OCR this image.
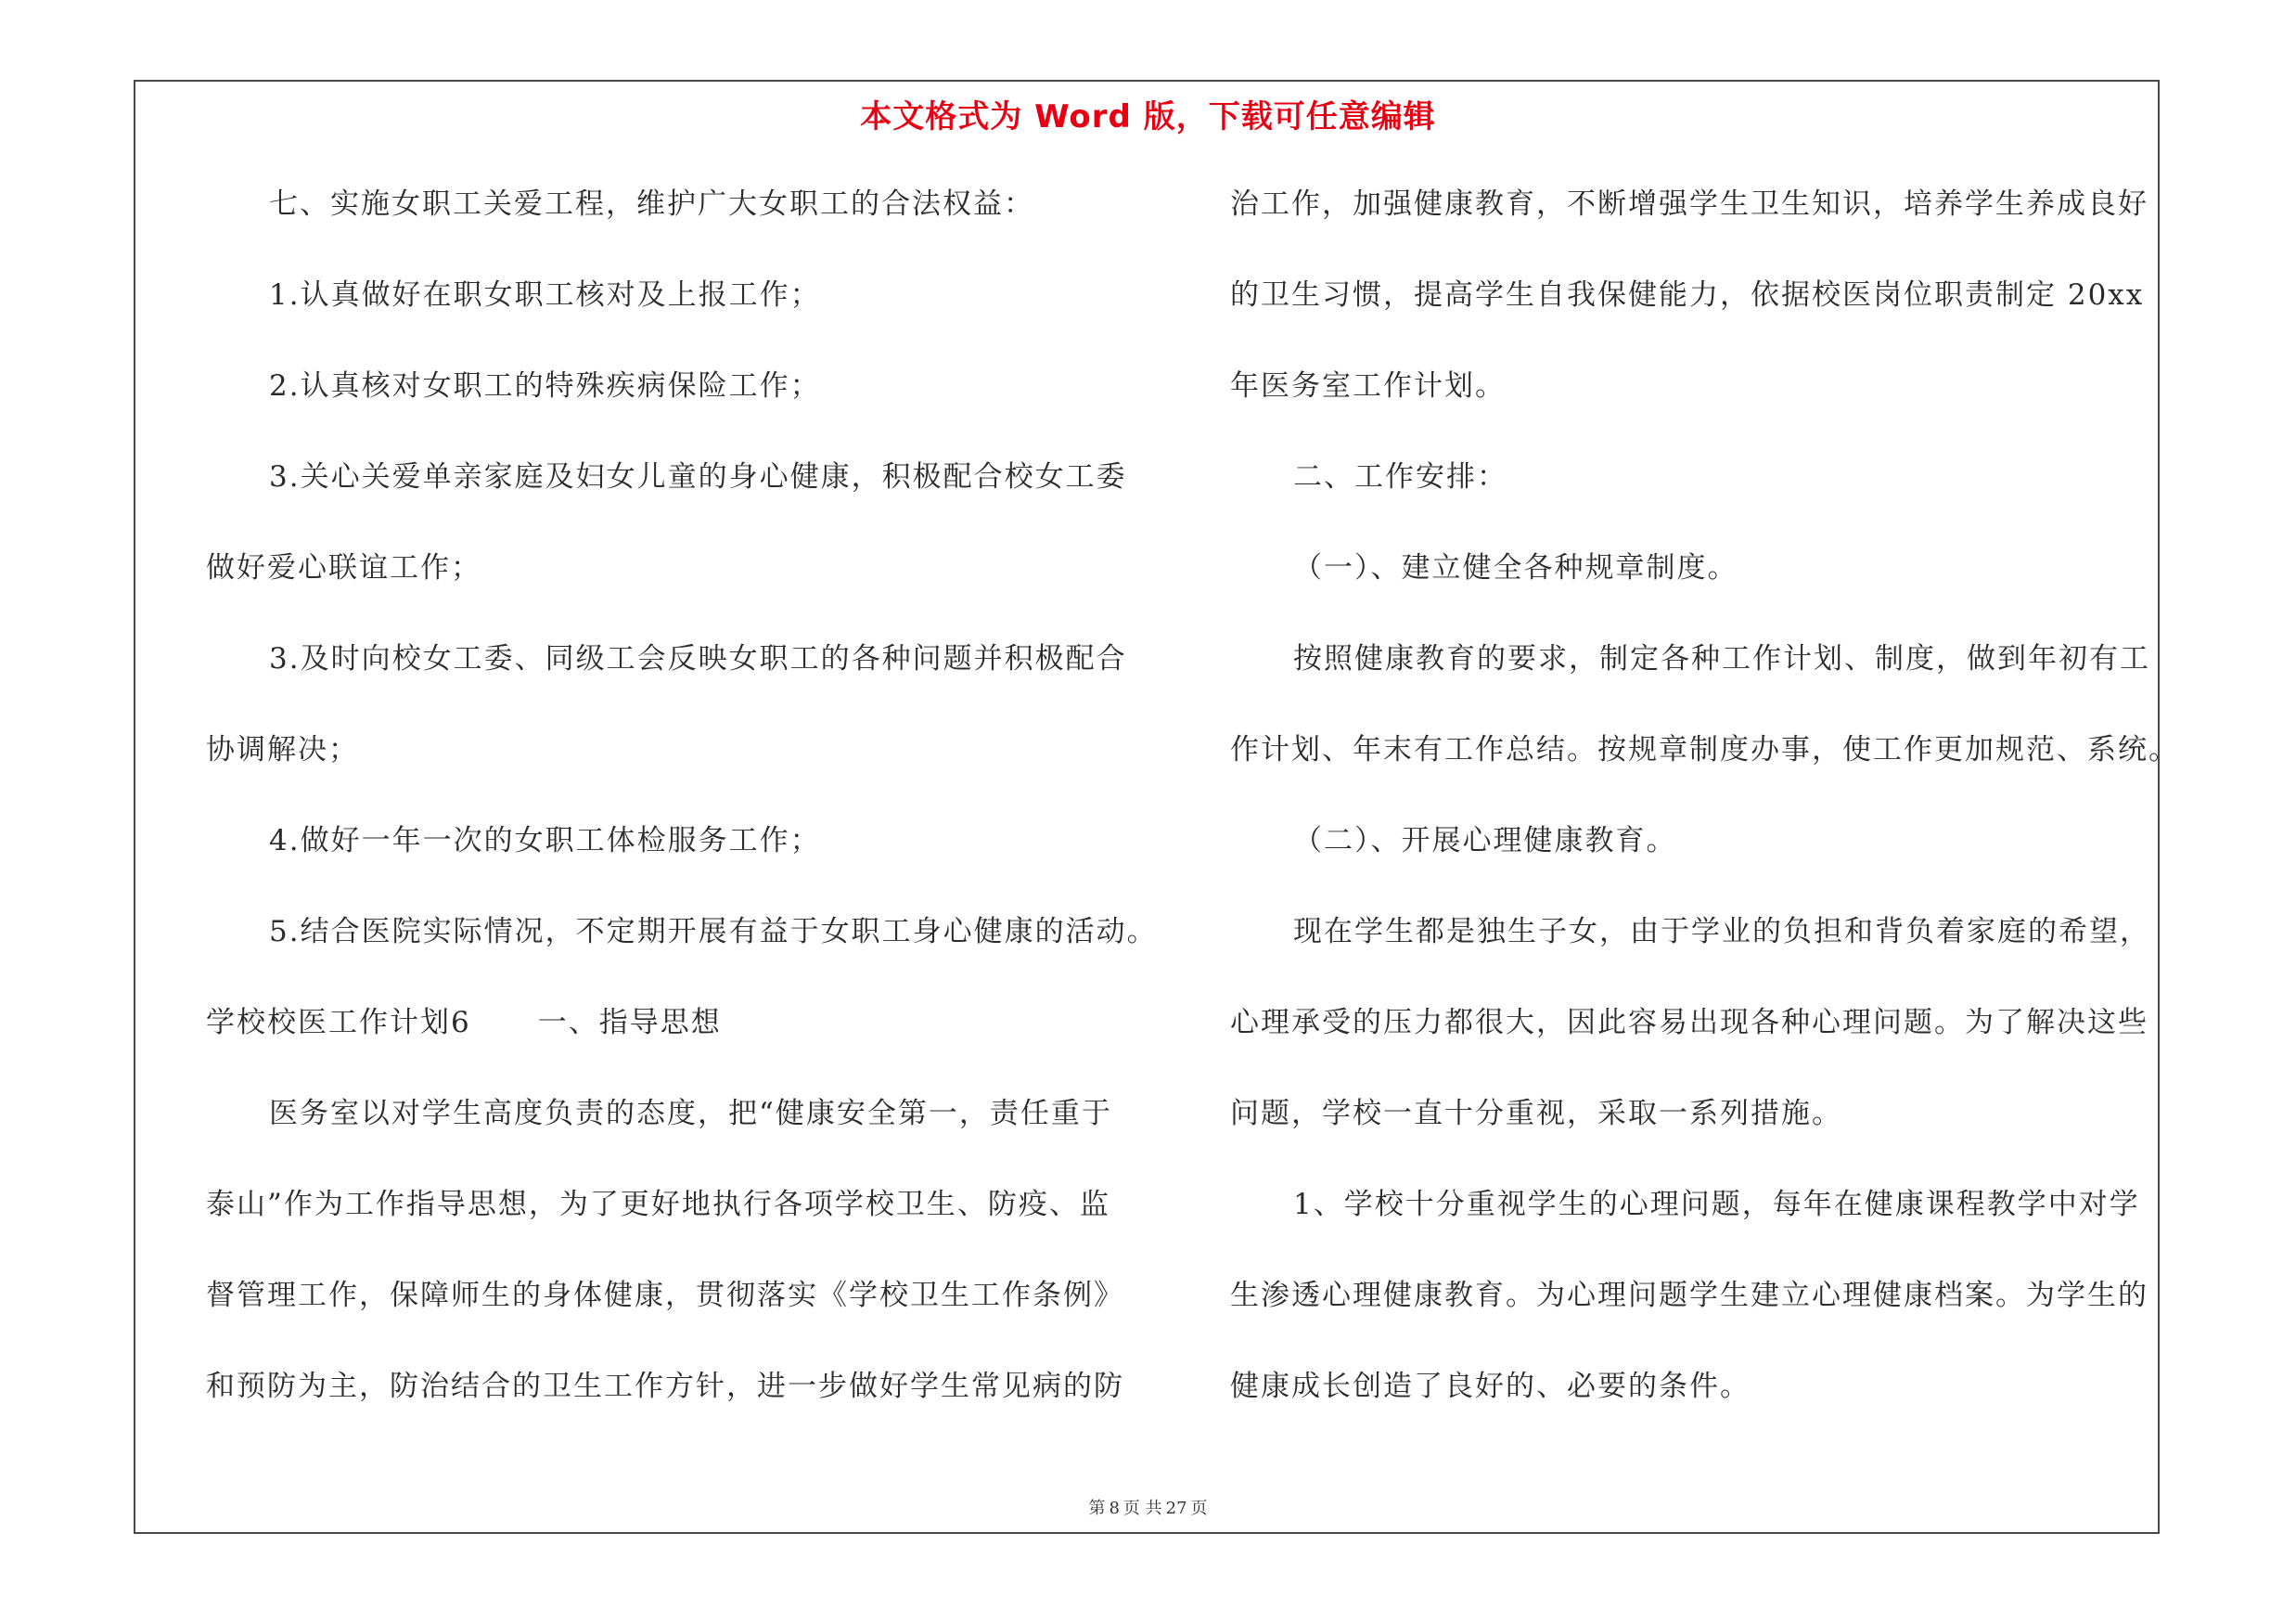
本文格式为 Word 版，下载可任意编辑

七、实施女职工关爱工程，维护广大女职工的合法权益：

1.认真做好在职女职工核对及上报工作；

2.认真核对女职工的特殊疾病保险工作；

3.关心关爱单亲家庭及妇女儿童的身心健康，积极配合校女工委

做好爱心联谊工作；

3.及时向校女工委、同级工会反映女职工的各种问题并积极配合

协调解决；

4.做好一年一次的女职工体检服务工作；

5.结合医院实际情况，不定期开展有益于女职工身心健康的活动。

学校校医工作计划6 一、指导思想

医务室以对学生高度负责的态度，把“健康安全第一，责任重于

泰山”作为工作指导思想，为了更好地执行各项学校卫生、防疫、监

督管理工作，保障师生的身体健康，贯彻落实《学校卫生工作条例》

和预防为主，防治结合的卫生工作方针，进一步做好学生常见病的防

治工作，加强健康教育，不断增强学生卫生知识，培养学生养成良好

的卫生习惯，提高学生自我保健能力，依据校医岗位职责制定 20xx

年医务室工作计划。

二、工作安排：

（一）、建立健全各种规章制度。

按照健康教育的要求，制定各种工作计划、制度，做到年初有工

作计划、年末有工作总结。按规章制度办事，使工作更加规范、系统。

（二）、开展心理健康教育。

现在学生都是独生子女，由于学业的负担和背负着家庭的希望，

心理承受的压力都很大，因此容易出现各种心理问题。为了解决这些

问题，学校一直十分重视，采取一系列措施。

1、学校十分重视学生的心理问题，每年在健康课程教学中对学

生渗透心理健康教育。为心理问题学生建立心理健康档案。为学生的

健康成长创造了良好的、必要的条件。

第 8 页 共 27 页
